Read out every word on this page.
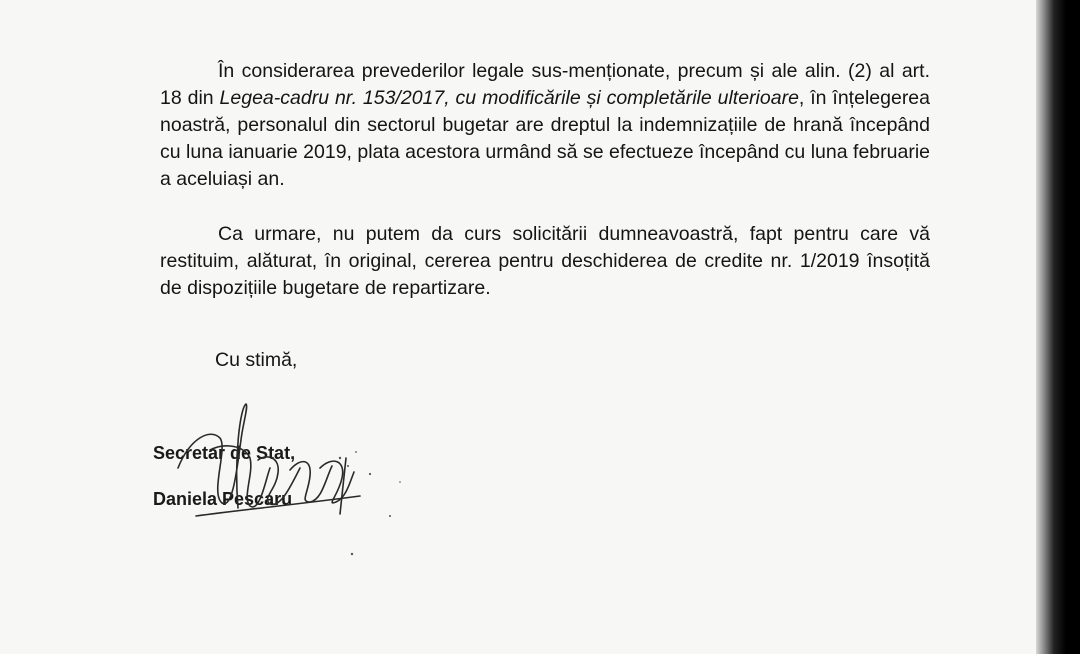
În considerarea prevederilor legale sus-menționate, precum și ale alin. (2) al art. 18 din Legea-cadru nr. 153/2017, cu modificările și completările ulterioare, în înțelegerea noastră, personalul din sectorul bugetar are dreptul la indemnizațiile de hrană începând cu luna ianuarie 2019, plata acestora urmând să se efectueze începând cu luna februarie a aceluiași an.

Ca urmare, nu putem da curs solicitării dumneavoastră, fapt pentru care vă restituim, alăturat, în original, cererea pentru deschiderea de credite nr. 1/2019 însoțită de dispozițiile bugetare de repartizare.

Cu stimă,

Secretar de Stat,

Daniela Pescaru
